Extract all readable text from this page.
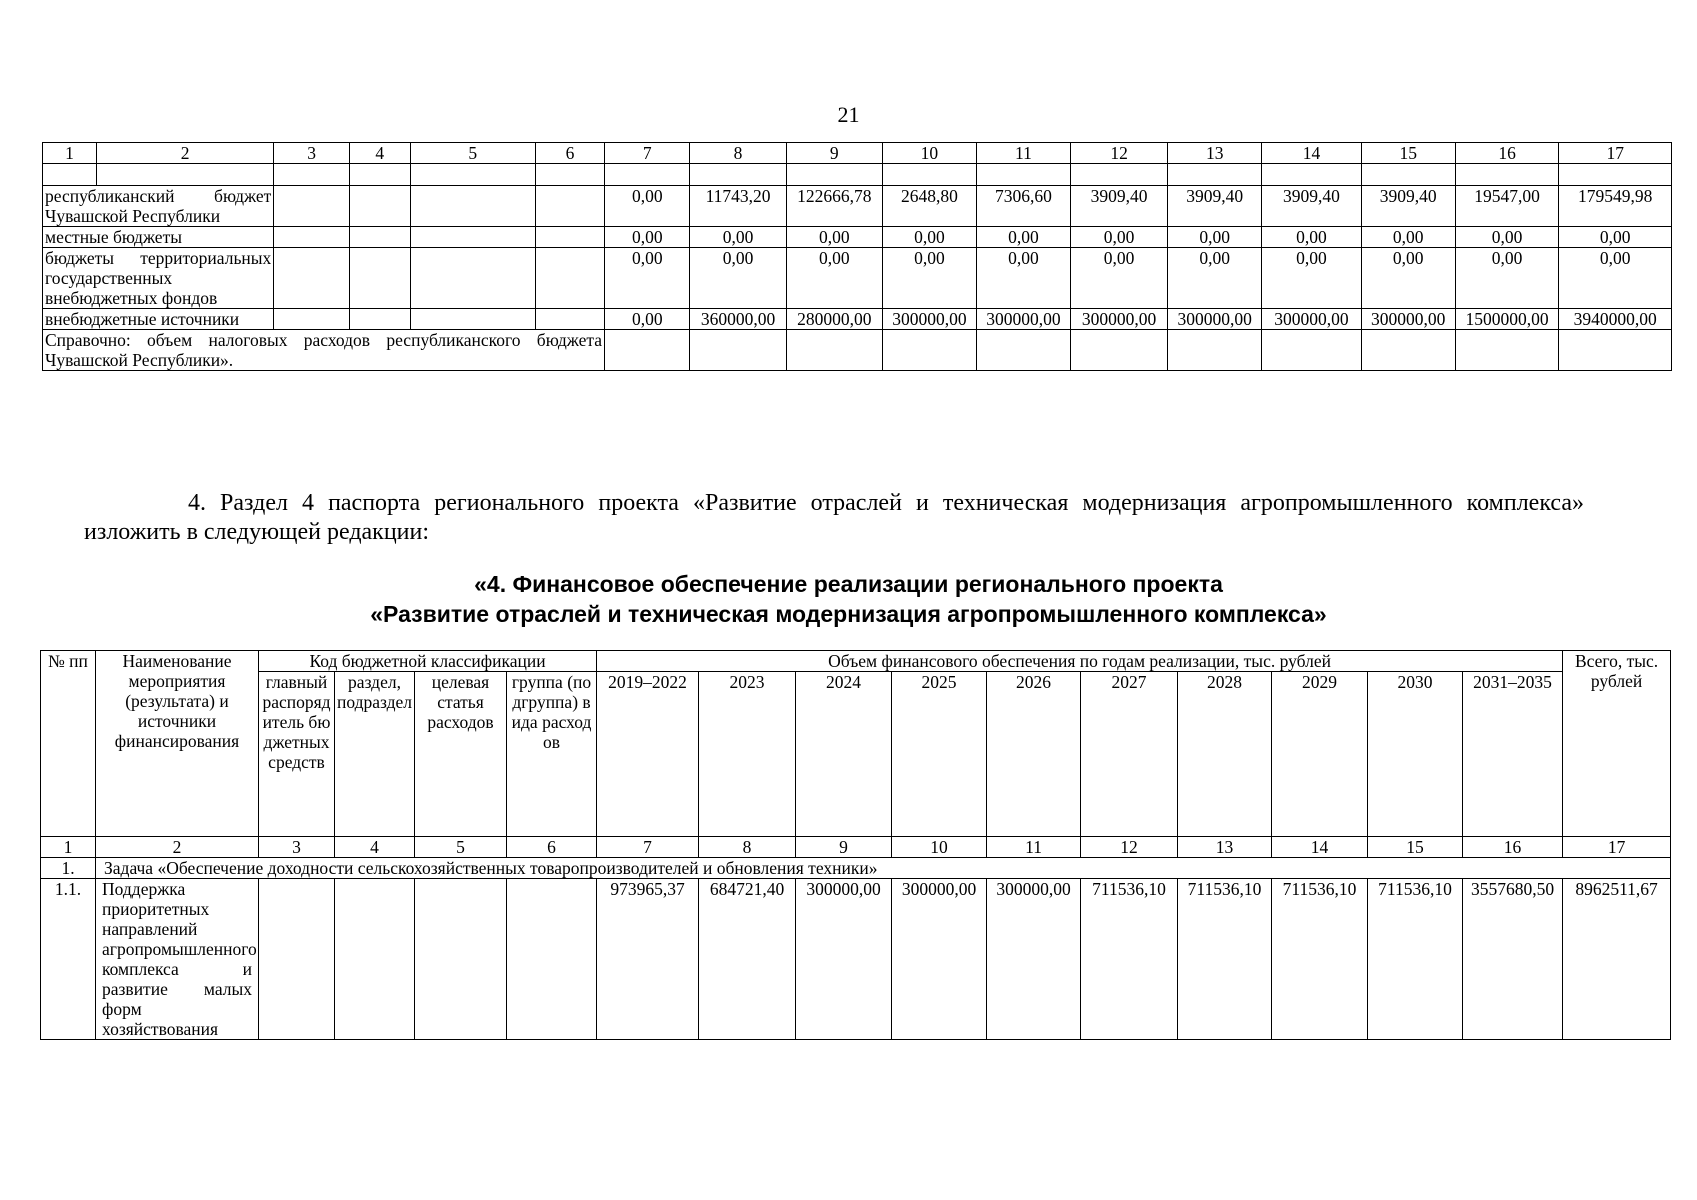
21
1	2	3	4	5	6	7	8	9	10	11	12	13	14	15	16	17

республиканский бюджет Чувашской Республики						0,00	11743,20	122666,78	2648,80	7306,60	3909,40	3909,40	3909,40	3909,40	19547,00	179549,98
местные бюджеты						0,00	0,00	0,00	0,00	0,00	0,00	0,00	0,00	0,00	0,00	0,00
бюджеты территориальных государственных внебюджетных фондов						0,00	0,00	0,00	0,00	0,00	0,00	0,00	0,00	0,00	0,00	0,00
внебюджетные источники						0,00	360000,00	280000,00	300000,00	300000,00	300000,00	300000,00	300000,00	300000,00	1500000,00	3940000,00
Справочно: объем налоговых расходов республиканского бюджета Чувашской Республики».																
4. Раздел 4 паспорта регионального проекта «Развитие отраслей и техническая модернизация агропромышленного комплекса» изложить в следующей редакции:
«4. Финансовое обеспечение реализации регионального проекта
«Развитие отраслей и техническая модернизация агропромышленного комплекса»
№ пп	Наименование мероприятия (результата) и источники финансирования	Код бюджетной классификации				Объем финансового обеспечения по годам реализации, тыс. рублей										Всего, тыс. рублей
		главный распорядитель бюджетных средств	раздел, подраздел	целевая статья расходов	группа (подгруппа) вида расходов	2019–2022	2023	2024	2025	2026	2027	2028	2029	2030	2031–2035	
1	2	3	4	5	6	7	8	9	10	11	12	13	14	15	16	17
1.	Задача «Обеспечение доходности сельскохозяйственных товаропроизводителей и обновления техники»															
1.1.	Поддержка приоритетных направлений агропромышленного комплекса и развитие малых форм хозяйствования					973965,37	684721,40	300000,00	300000,00	300000,00	711536,10	711536,10	711536,10	711536,10	3557680,50	8962511,67
